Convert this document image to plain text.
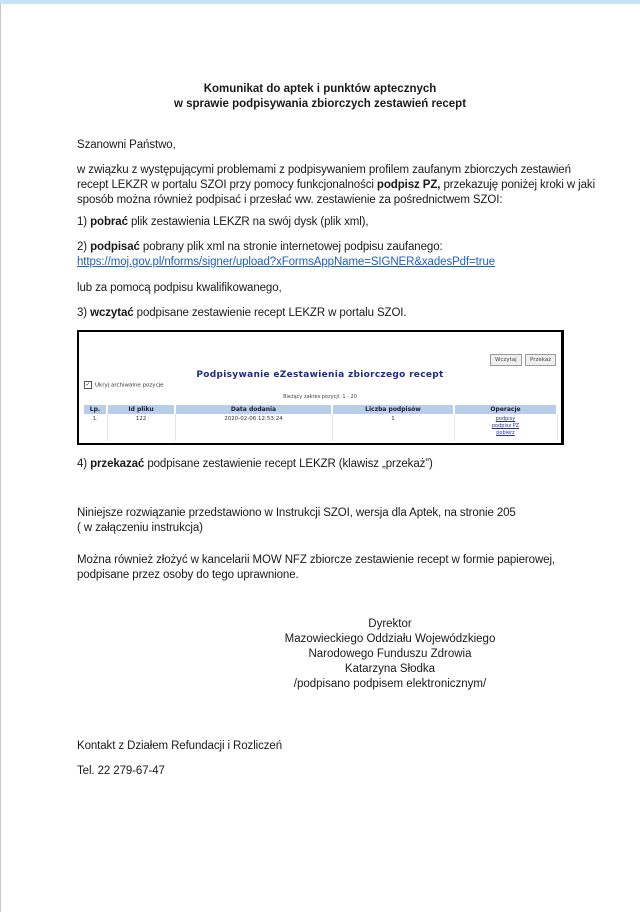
Komunikat do aptek i punktów aptecznych
w sprawie podpisywania zbiorczych zestawień recept
Szanowni Państwo,
w związku z występującymi problemami z podpisywaniem profilem zaufanym zbiorczych zestawień
recept LEKZR w portalu SZOI przy pomocy funkcjonalności podpisz PZ, przekazuję poniżej kroki w jaki
sposób można również podpisać i przesłać ww. zestawienie za pośrednictwem SZOI:
1) pobrać plik zestawienia LEKZR na swój dysk (plik xml),
2) podpisać pobrany plik xml na stronie internetowej podpisu zaufanego:
https://moj.gov.pl/nforms/signer/upload?xFormsAppName=SIGNER&xadesPdf=true
lub za pomocą podpisu kwalifikowanego,
3) wczytać podpisane zestawienie recept LEKZR w portalu SZOI.
Wczytaj	Przekaż
Podpisywanie eZestawienia zbiorczego recept
✓ Ukryj archiwalne pozycje
Bieżący zakres pozycji: 1 - 20
Lp.	Id pliku	Data dodania	Liczba podpisów	Operacje
1.	122	2020-02-06 12:53:24	1	podpisy
podpisz PZ
pobierz
4) przekazać podpisane zestawienie recept LEKZR (klawisz „przekaż”)
Niniejsze rozwiązanie przedstawiono w Instrukcji SZOI, wersja dla Aptek, na stronie 205
( w załączeniu instrukcja)
Można również złożyć w kancelarii MOW NFZ zbiorcze zestawienie recept w formie papierowej,
podpisane przez osoby do tego uprawnione.
Dyrektor
Mazowieckiego Oddziału Wojewódzkiego
Narodowego Funduszu Zdrowia
Katarzyna Słodka
/podpisano podpisem elektronicznym/
Kontakt z Działem Refundacji i Rozliczeń
Tel. 22 279-67-47
